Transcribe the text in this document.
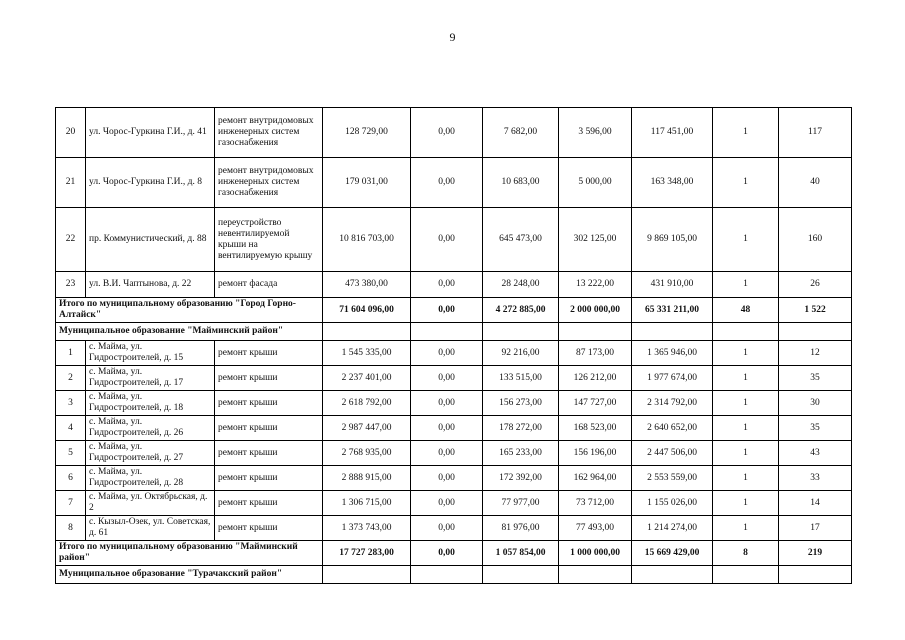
9
20	ул. Чорос-Гуркина Г.И., д. 41	ремонт внутридомовых инженерных систем газоснабжения	128 729,00	0,00	7 682,00	3 596,00	117 451,00	1	117
21	ул. Чорос-Гуркина Г.И., д. 8	ремонт внутридомовых инженерных систем газоснабжения	179 031,00	0,00	10 683,00	5 000,00	163 348,00	1	40
22	пр. Коммунистический, д. 88	переустройство невентилируемой крыши на вентилируемую крышу	10 816 703,00	0,00	645 473,00	302 125,00	9 869 105,00	1	160
23	ул. В.И. Чаптынова, д. 22	ремонт фасада	473 380,00	0,00	28 248,00	13 222,00	431 910,00	1	26
Итого по муниципальному образованию "Город Горно-Алтайск"			71 604 096,00	0,00	4 272 885,00	2 000 000,00	65 331 211,00	48	1 522
Муниципальное образование "Майминский район"									
1	с. Майма, ул. Гидростроителей, д. 15	ремонт крыши	1 545 335,00	0,00	92 216,00	87 173,00	1 365 946,00	1	12
2	с. Майма, ул. Гидростроителей, д. 17	ремонт крыши	2 237 401,00	0,00	133 515,00	126 212,00	1 977 674,00	1	35
3	с. Майма, ул. Гидростроителей, д. 18	ремонт крыши	2 618 792,00	0,00	156 273,00	147 727,00	2 314 792,00	1	30
4	с. Майма, ул. Гидростроителей, д. 26	ремонт крыши	2 987 447,00	0,00	178 272,00	168 523,00	2 640 652,00	1	35
5	с. Майма, ул. Гидростроителей, д. 27	ремонт крыши	2 768 935,00	0,00	165 233,00	156 196,00	2 447 506,00	1	43
6	с. Майма, ул. Гидростроителей, д. 28	ремонт крыши	2 888 915,00	0,00	172 392,00	162 964,00	2 553 559,00	1	33
7	с. Майма, ул. Октябрьская, д. 2	ремонт крыши	1 306 715,00	0,00	77 977,00	73 712,00	1 155 026,00	1	14
8	с. Кызыл-Озек, ул. Советская, д. 61	ремонт крыши	1 373 743,00	0,00	81 976,00	77 493,00	1 214 274,00	1	17
Итого по муниципальному образованию "Майминский район"			17 727 283,00	0,00	1 057 854,00	1 000 000,00	15 669 429,00	8	219
Муниципальное образование "Турачакский район"									
